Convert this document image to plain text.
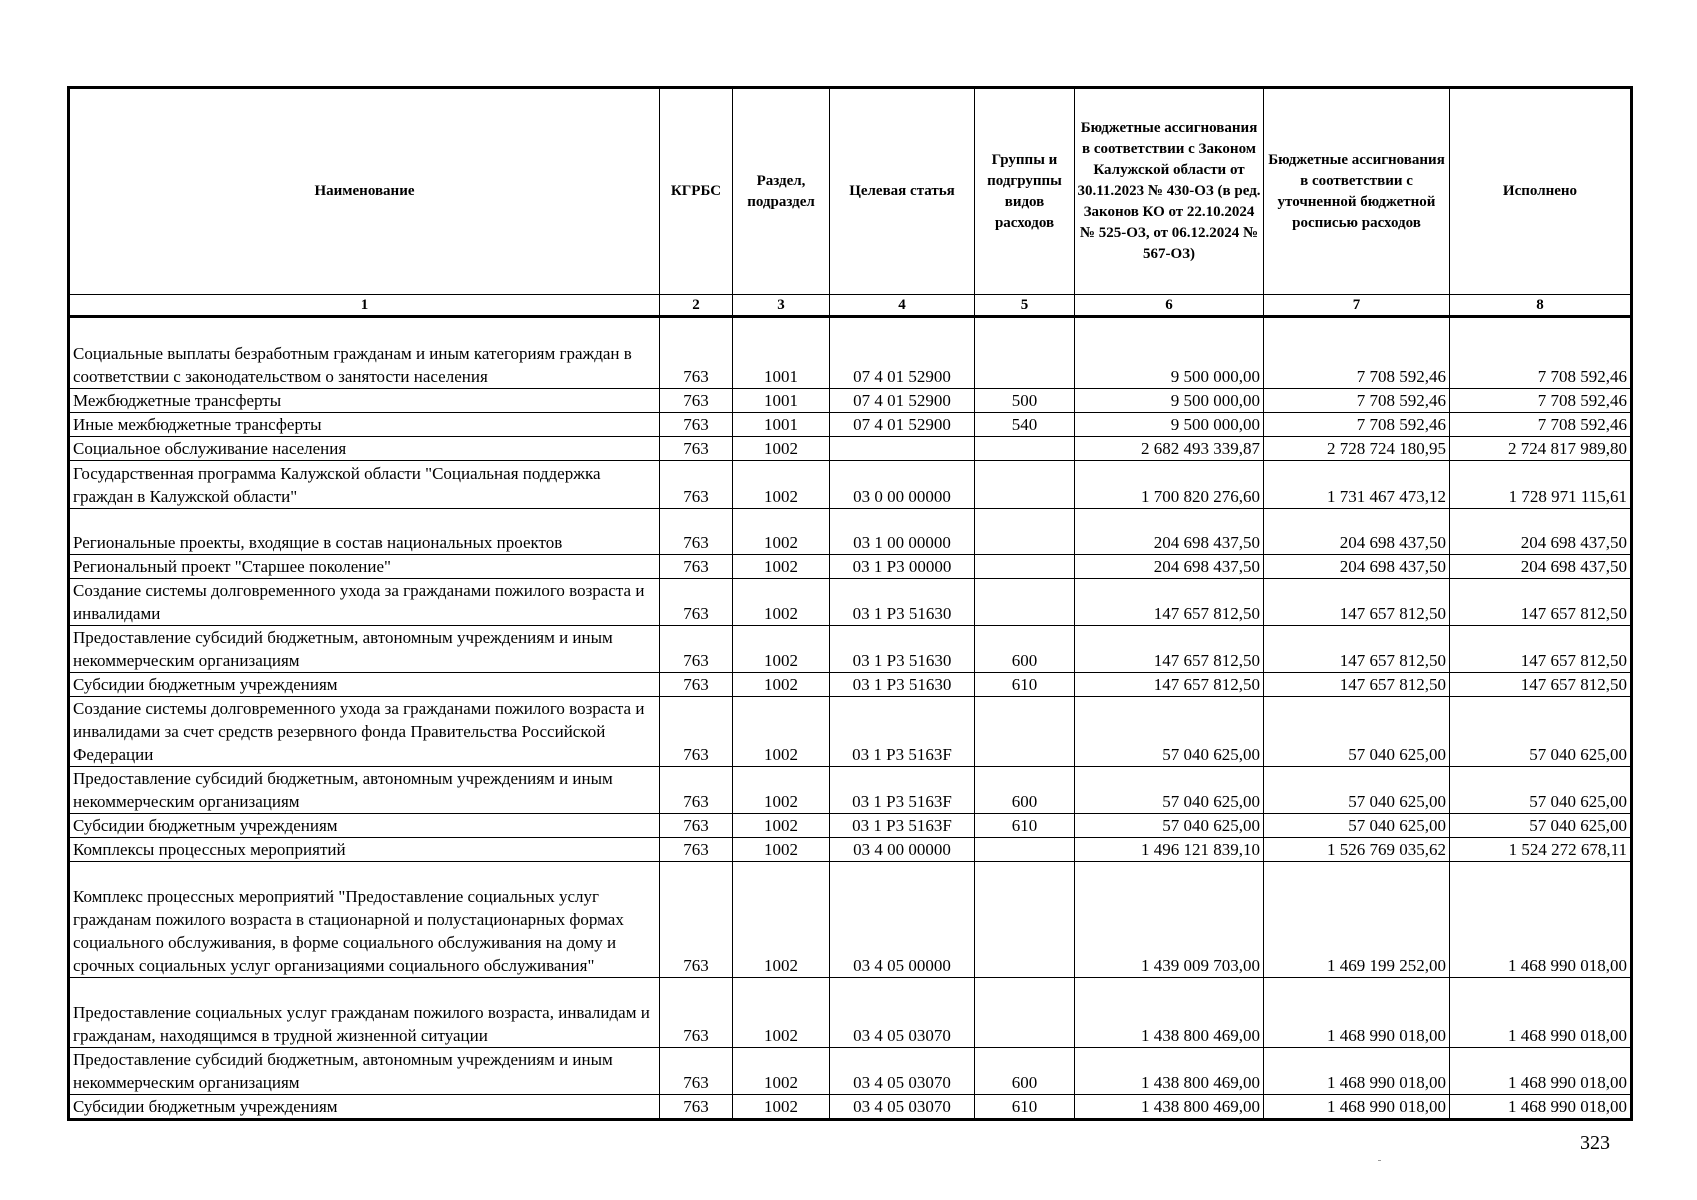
Наименование	КГРБС	Раздел, подраздел	Целевая статья	Группы и подгруппы видов расходов	Бюджетные ассигнования в соответствии с Законом Калужской области от 30.11.2023 № 430-ОЗ (в ред. Законов КО от 22.10.2024 № 525-ОЗ, от 06.12.2024 № 567-ОЗ)	Бюджетные ассигнования в соответствии с уточненной бюджетной росписью расходов	Исполнено
1	2	3	4	5	6	7	8
Социальные выплаты безработным гражданам и иным категориям граждан в соответствии с законодательством о занятости населения	763	1001	07 4 01 52900		9 500 000,00	7 708 592,46	7 708 592,46
Межбюджетные трансферты	763	1001	07 4 01 52900	500	9 500 000,00	7 708 592,46	7 708 592,46
Иные межбюджетные трансферты	763	1001	07 4 01 52900	540	9 500 000,00	7 708 592,46	7 708 592,46
Социальное обслуживание населения	763	1002			2 682 493 339,87	2 728 724 180,95	2 724 817 989,80
Государственная программа Калужской области "Социальная поддержка граждан в Калужской области"	763	1002	03 0 00 00000		1 700 820 276,60	1 731 467 473,12	1 728 971 115,61
Региональные проекты, входящие в состав национальных проектов	763	1002	03 1 00 00000		204 698 437,50	204 698 437,50	204 698 437,50
Региональный проект "Старшее поколение"	763	1002	03 1 Р3 00000		204 698 437,50	204 698 437,50	204 698 437,50
Создание системы долговременного ухода за гражданами пожилого возраста и инвалидами	763	1002	03 1 Р3 51630		147 657 812,50	147 657 812,50	147 657 812,50
Предоставление субсидий бюджетным, автономным учреждениям и иным некоммерческим организациям	763	1002	03 1 Р3 51630	600	147 657 812,50	147 657 812,50	147 657 812,50
Субсидии бюджетным учреждениям	763	1002	03 1 Р3 51630	610	147 657 812,50	147 657 812,50	147 657 812,50
Создание системы долговременного ухода за гражданами пожилого возраста и инвалидами за счет средств резервного фонда Правительства Российской Федерации	763	1002	03 1 Р3 5163F		57 040 625,00	57 040 625,00	57 040 625,00
Предоставление субсидий бюджетным, автономным учреждениям и иным некоммерческим организациям	763	1002	03 1 Р3 5163F	600	57 040 625,00	57 040 625,00	57 040 625,00
Субсидии бюджетным учреждениям	763	1002	03 1 Р3 5163F	610	57 040 625,00	57 040 625,00	57 040 625,00
Комплексы процессных мероприятий	763	1002	03 4 00 00000		1 496 121 839,10	1 526 769 035,62	1 524 272 678,11
Комплекс процессных мероприятий "Предоставление социальных услуг гражданам пожилого возраста в стационарной и полустационарных формах социального обслуживания, в форме социального обслуживания на дому и срочных социальных услуг организациями социального обслуживания"	763	1002	03 4 05 00000		1 439 009 703,00	1 469 199 252,00	1 468 990 018,00
Предоставление социальных услуг гражданам пожилого возраста, инвалидам и гражданам, находящимся в трудной жизненной ситуации	763	1002	03 4 05 03070		1 438 800 469,00	1 468 990 018,00	1 468 990 018,00
Предоставление субсидий бюджетным, автономным учреждениям и иным некоммерческим организациям	763	1002	03 4 05 03070	600	1 438 800 469,00	1 468 990 018,00	1 468 990 018,00
Субсидии бюджетным учреждениям	763	1002	03 4 05 03070	610	1 438 800 469,00	1 468 990 018,00	1 468 990 018,00
323
